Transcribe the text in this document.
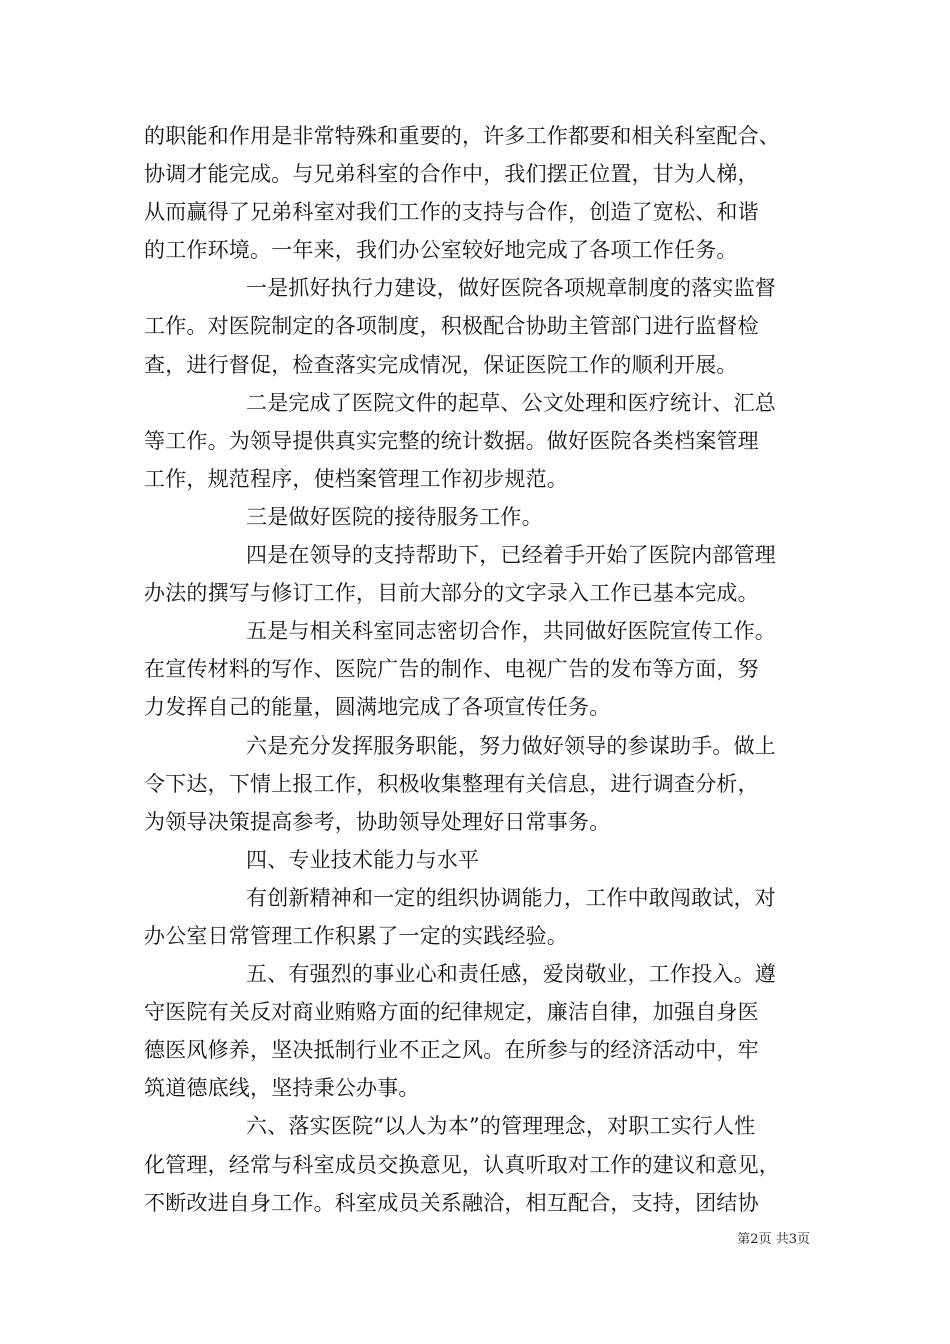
的职能和作用是非常特殊和重要的，许多工作都要和相关科室配合、
协调才能完成。与兄弟科室的合作中，我们摆正位置，甘为人梯，
从而赢得了兄弟科室对我们工作的支持与合作，创造了宽松、和谐
的工作环境。一年来，我们办公室较好地完成了各项工作任务。
一是抓好执行力建设，做好医院各项规章制度的落实监督
工作。对医院制定的各项制度，积极配合协助主管部门进行监督检
查，进行督促，检查落实完成情况，保证医院工作的顺利开展。
二是完成了医院文件的起草、公文处理和医疗统计、汇总
等工作。为领导提供真实完整的统计数据。做好医院各类档案管理
工作，规范程序，使档案管理工作初步规范。
三是做好医院的接待服务工作。
四是在领导的支持帮助下，已经着手开始了医院内部管理
办法的撰写与修订工作，目前大部分的文字录入工作已基本完成。
五是与相关科室同志密切合作，共同做好医院宣传工作。
在宣传材料的写作、医院广告的制作、电视广告的发布等方面，努
力发挥自己的能量，圆满地完成了各项宣传任务。
六是充分发挥服务职能，努力做好领导的参谋助手。做上
令下达，下情上报工作，积极收集整理有关信息，进行调查分析，
为领导决策提高参考，协助领导处理好日常事务。
四、专业技术能力与水平
有创新精神和一定的组织协调能力，工作中敢闯敢试，对
办公室日常管理工作积累了一定的实践经验。
五、有强烈的事业心和责任感，爱岗敬业，工作投入。遵
守医院有关反对商业贿赂方面的纪律规定，廉洁自律，加强自身医
德医风修养，坚决抵制行业不正之风。在所参与的经济活动中，牢
筑道德底线，坚持秉公办事。
六、落实医院“以人为本”的管理理念，对职工实行人性
化管理，经常与科室成员交换意见，认真听取对工作的建议和意见，
不断改进自身工作。科室成员关系融洽，相互配合，支持，团结协
第2页 共3页
